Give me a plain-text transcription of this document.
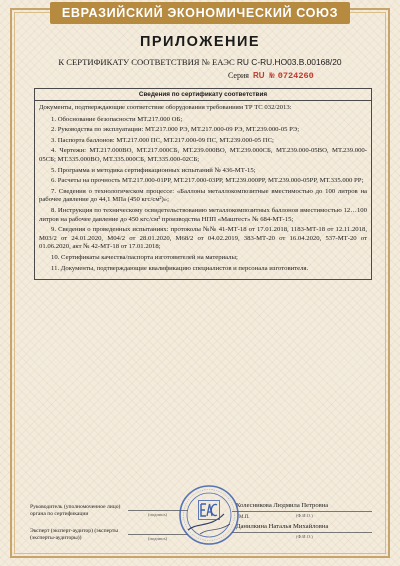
ЕВРАЗИЙСКИЙ ЭКОНОМИЧЕСКИЙ СОЮЗ
ПРИЛОЖЕНИЕ
К СЕРТИФИКАТУ СООТВЕТСТВИЯ № ЕАЭС RU С-RU.НО03.В.00168/20
Серия RU № 0724260
Сведения по сертификату соответствия

Документы, подтверждающие соответствие оборудования требованиям ТР ТС 032/2013:

1. Обоснование безопасности МТ.217.000 ОБ;

2. Руководства по эксплуатации: МТ.217.000 РЭ, МТ.217.000-09 РЭ, МТ.239.000-05 РЭ;

3. Паспорта баллонов: МТ.217.000 ПС, МТ.217.000-09 ПС, МТ.239.000-05 ПС;

4. Чертежи: МТ.217.000ВО, МТ.217.000СБ, МТ.239.000ВО, МТ.239.000СБ, МТ.239.000-05ВО, МТ.239.000-05СБ; МТ.335.000ВО, МТ.335.000СБ, МТ.335.000-02СБ;

5. Программа и методика сертификационных испытаний № 436-МТ-15;

6. Расчеты на прочность МТ.217.000-01РР, МТ.217.000-03РР, МТ.239.000РР, МТ.239.000-05РР, МТ.335.000 РР;

7. Сведения о технологическом процессе: «Баллоны металлокомпозитные вместимостью до 100 литров на рабочее давление до 44,1 МПа (450 кгс/см²)»;

8. Инструкция по техническому освидетельствованию металлокомпозитных баллонов вместимостью 12…100 литров на рабочее давление до 450 кгс/см² производства НПП «Маштест» № 684-МТ-15;

9. Сведения о проведенных испытаниях: протоколы №№ 41-МТ-18 от 17.01.2018, 1183-МТ-18 от 12.11.2018, М03/2 от 24.01.2020, М04/2 от 28.01.2020, М68/2 от 04.02.2019, 383-МТ-20 от 16.04.2020, 537-МТ-20 от 01.06.2020, акт № 42-МТ-18 от 17.01.2018;

10. Сертификаты качества/паспорта изготовителей на материалы;

11. Документы, подтверждающие квалификацию специалистов и персонала изготовителя.

Руководитель (уполномоченное лицо) органа по сертификации	(подпись)
Колесникова Людмила Петровна
(Ф.И.О.)
Эксперт (эксперт-аудитор) (эксперты (эксперты-аудиторы))	(подпись)
Данилкина Наталья Михайловна
(Ф.И.О.)
М.П.
